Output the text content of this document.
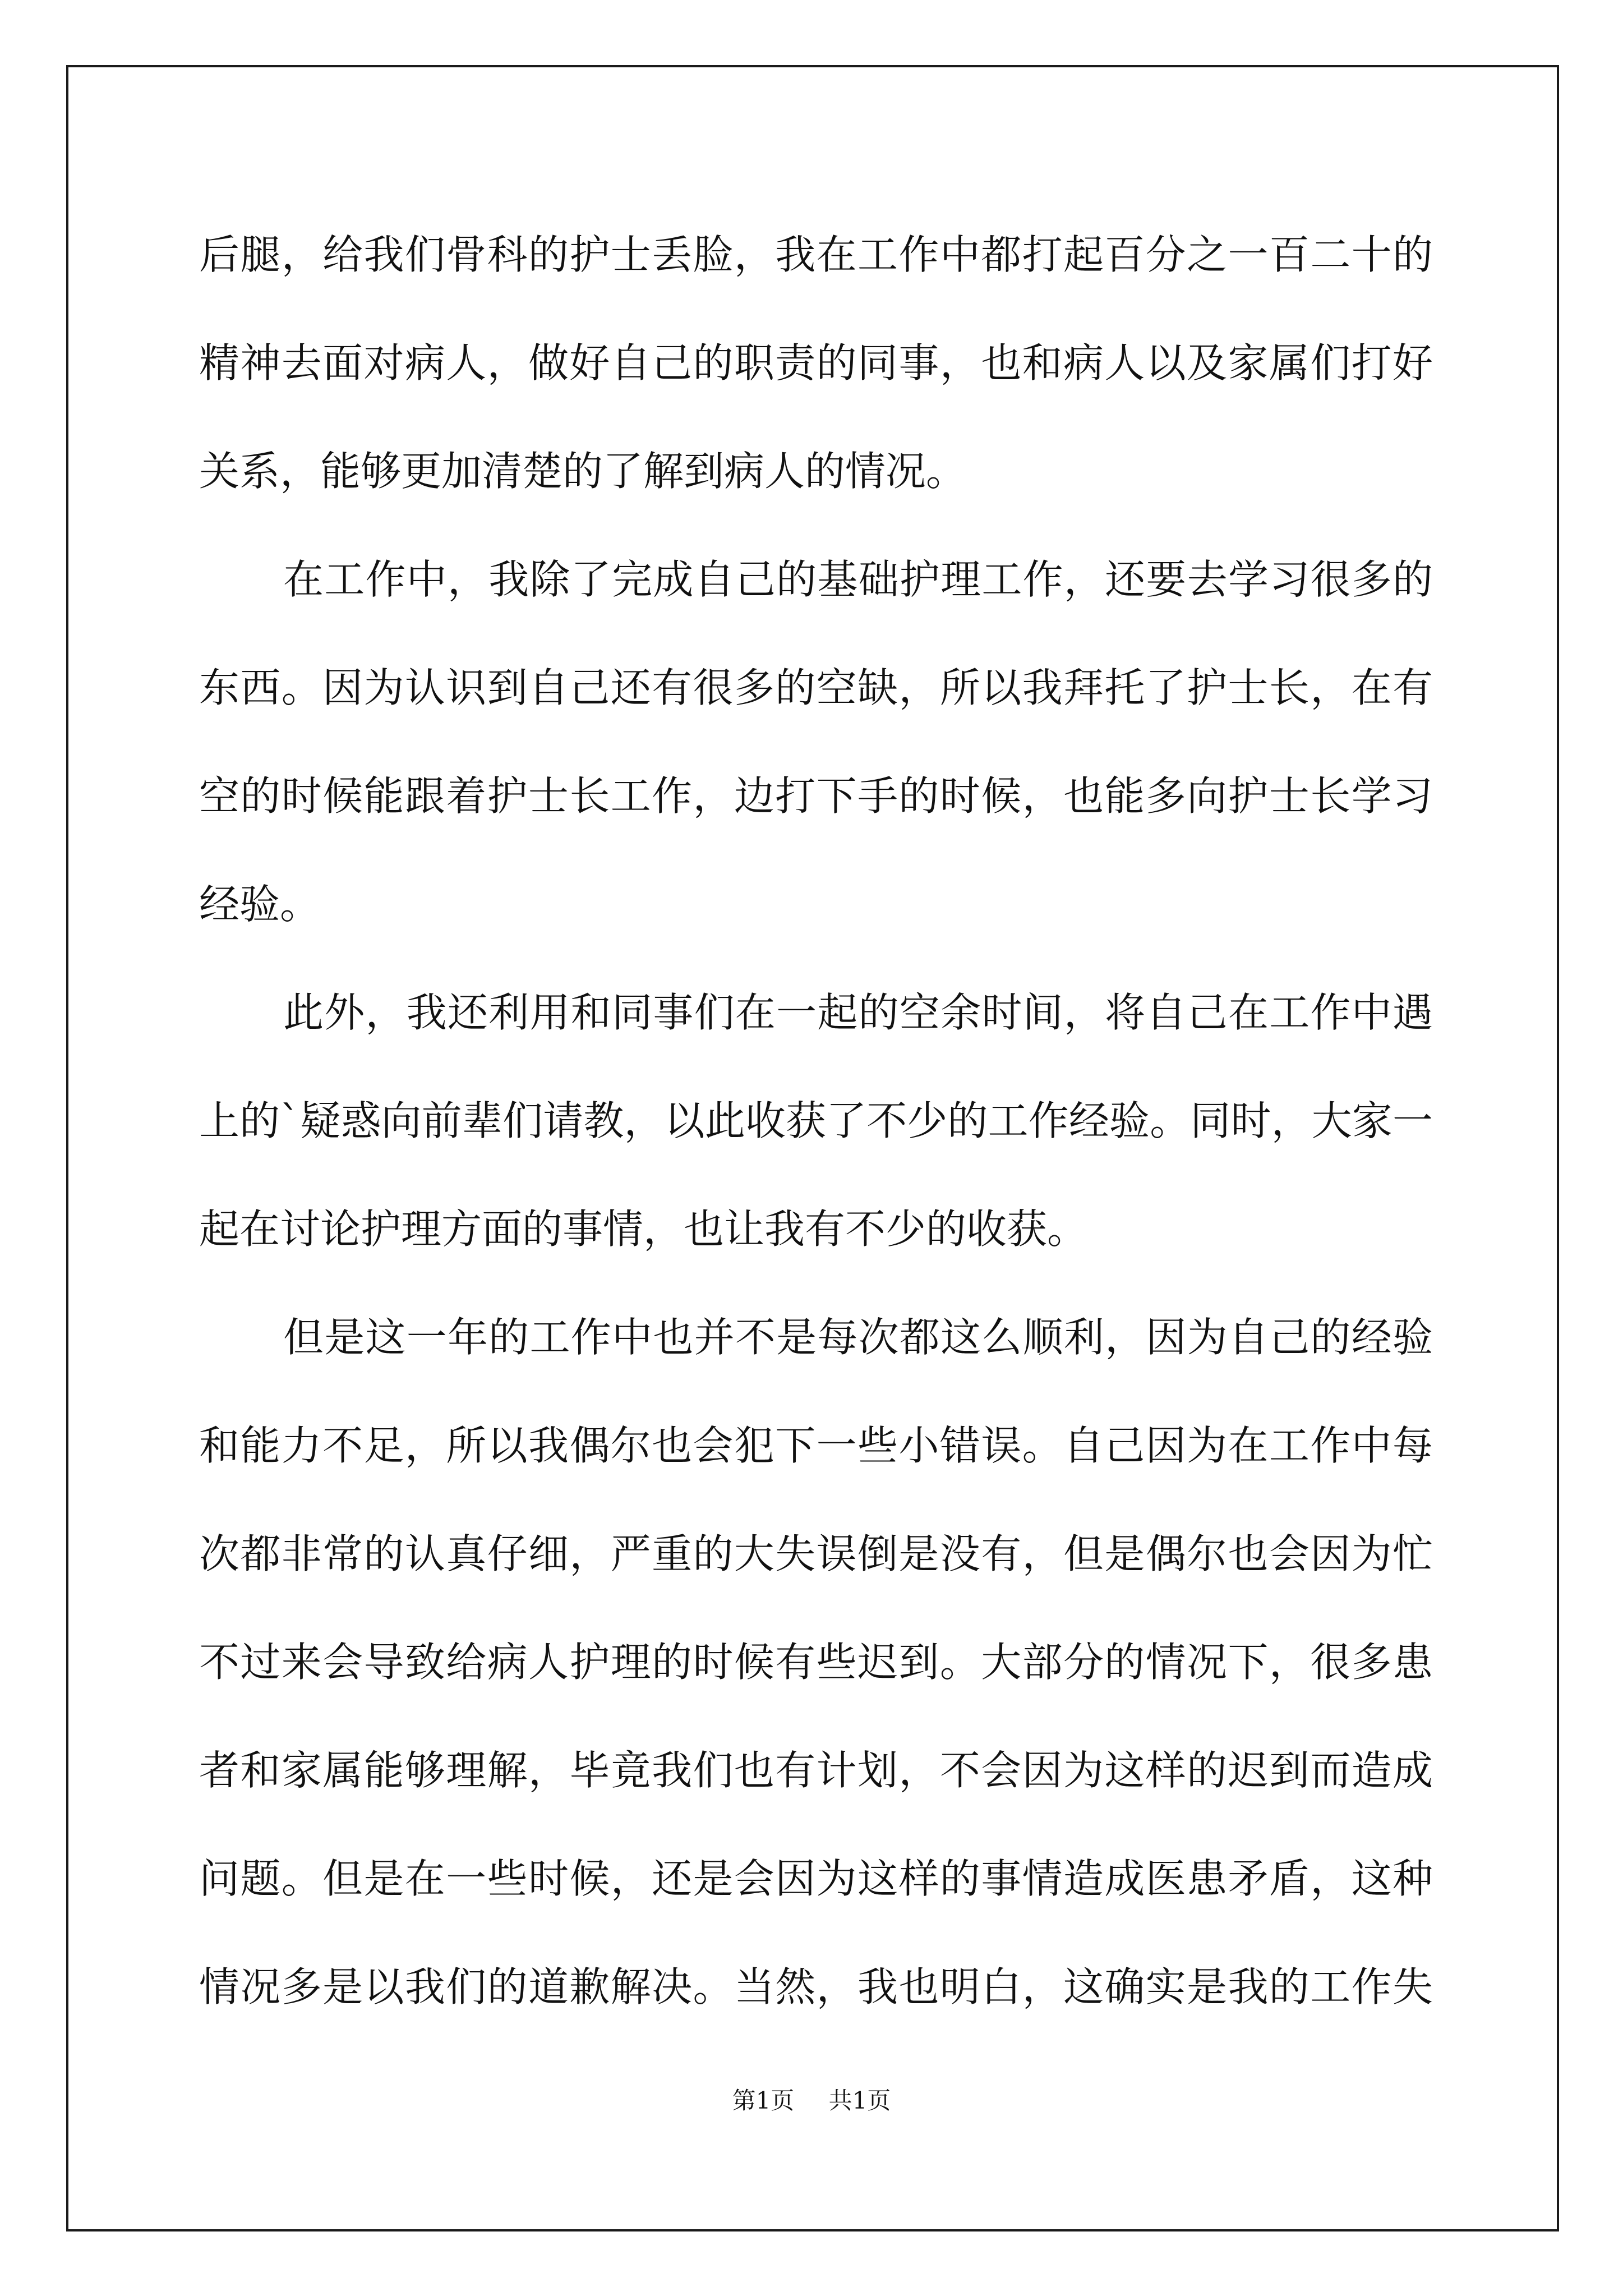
后腿，给我们骨科的护士丢脸，我在工作中都打起百分之一百二十的
精神去面对病人，做好自己的职责的同事，也和病人以及家属们打好
关系，能够更加清楚的了解到病人的情况。
在工作中，我除了完成自己的基础护理工作，还要去学习很多的
东西。因为认识到自己还有很多的空缺，所以我拜托了护士长，在有
空的时候能跟着护士长工作，边打下手的时候，也能多向护士长学习
经验。
此外，我还利用和同事们在一起的空余时间，将自己在工作中遇
上的`疑惑向前辈们请教，以此收获了不少的工作经验。同时，大家一
起在讨论护理方面的事情，也让我有不少的收获。
但是这一年的工作中也并不是每次都这么顺利，因为自己的经验
和能力不足，所以我偶尔也会犯下一些小错误。自己因为在工作中每
次都非常的认真仔细，严重的大失误倒是没有，但是偶尔也会因为忙
不过来会导致给病人护理的时候有些迟到。大部分的情况下，很多患
者和家属能够理解，毕竟我们也有计划，不会因为这样的迟到而造成
问题。但是在一些时候，还是会因为这样的事情造成医患矛盾，这种
情况多是以我们的道歉解决。当然，我也明白，这确实是我的工作失
第1页 共1页
